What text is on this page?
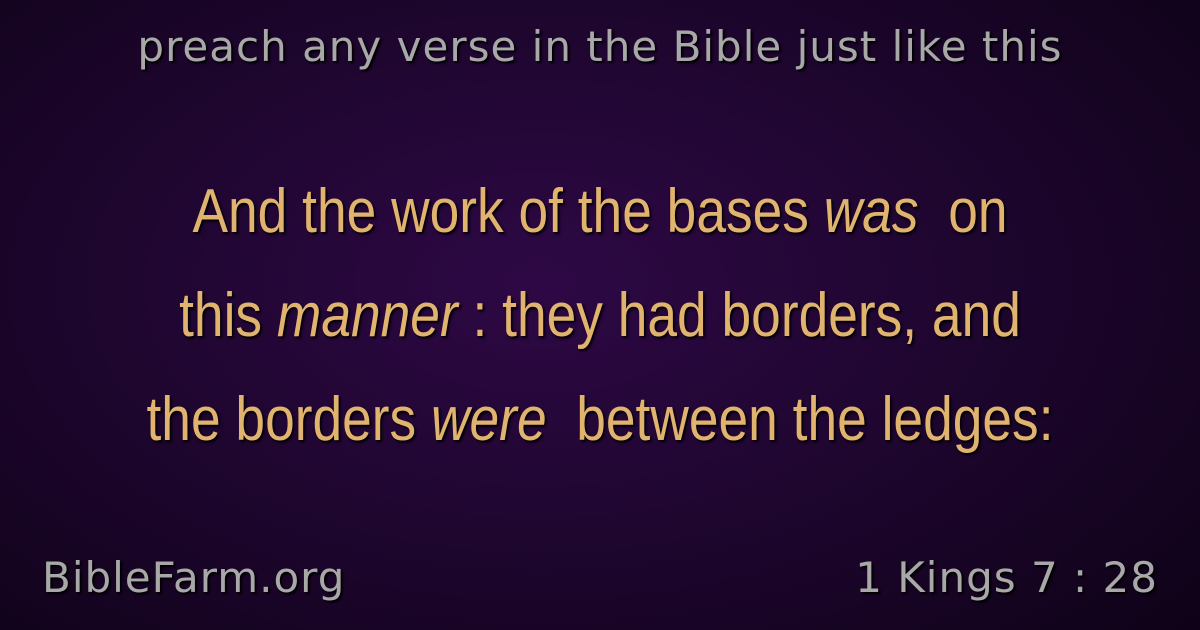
preach any verse in the Bible just like this
And the work of the bases was  on
this manner : they had borders, and
the borders were  between the ledges:
BibleFarm.org	1 Kings 7 : 28
